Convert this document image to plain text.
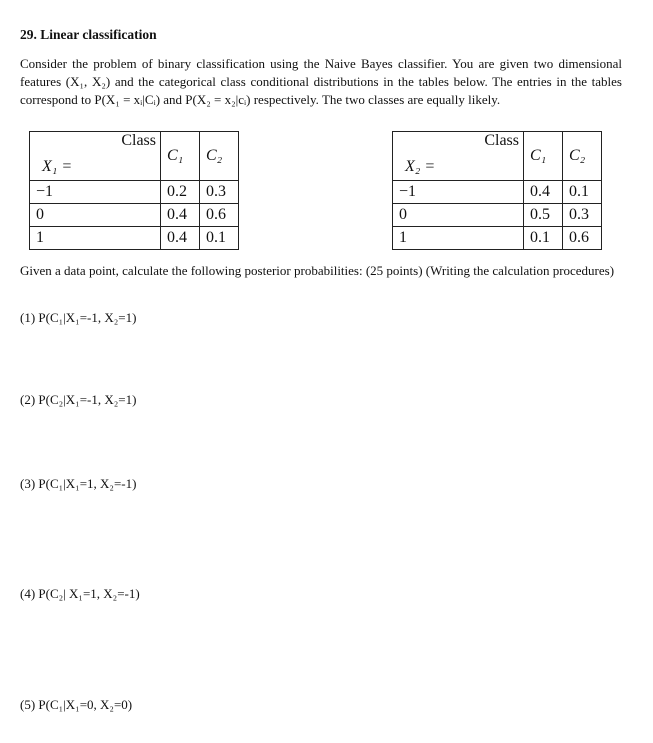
29. Linear classification
Consider the problem of binary classification using the Naive Bayes classifier. You are given two dimensional features (X₁, X₂) and the categorical class conditional distributions in the tables below. The entries in the tables correspond to P(X₁ = xᵢ|Cᵢ) and P(X₂ = x₂|cᵢ) respectively. The two classes are equally likely.
X₁ =
Class	C₁	C₂
−1	0.2	0.3
0	0.4	0.6
1	0.4	0.1
X₂ =
Class	C₁	C₂
−1	0.4	0.1
0	0.5	0.3
1	0.1	0.6
Given a data point, calculate the following posterior probabilities: (25 points) (Writing the calculation procedures)
(1) P(C₁|X₁=-1, X₂=1)
(2) P(C₂|X₁=-1, X₂=1)
(3) P(C₁|X₁=1, X₂=-1)
(4) P(C₂| X₁=1, X₂=-1)
(5) P(C₁|X₁=0, X₂=0)
